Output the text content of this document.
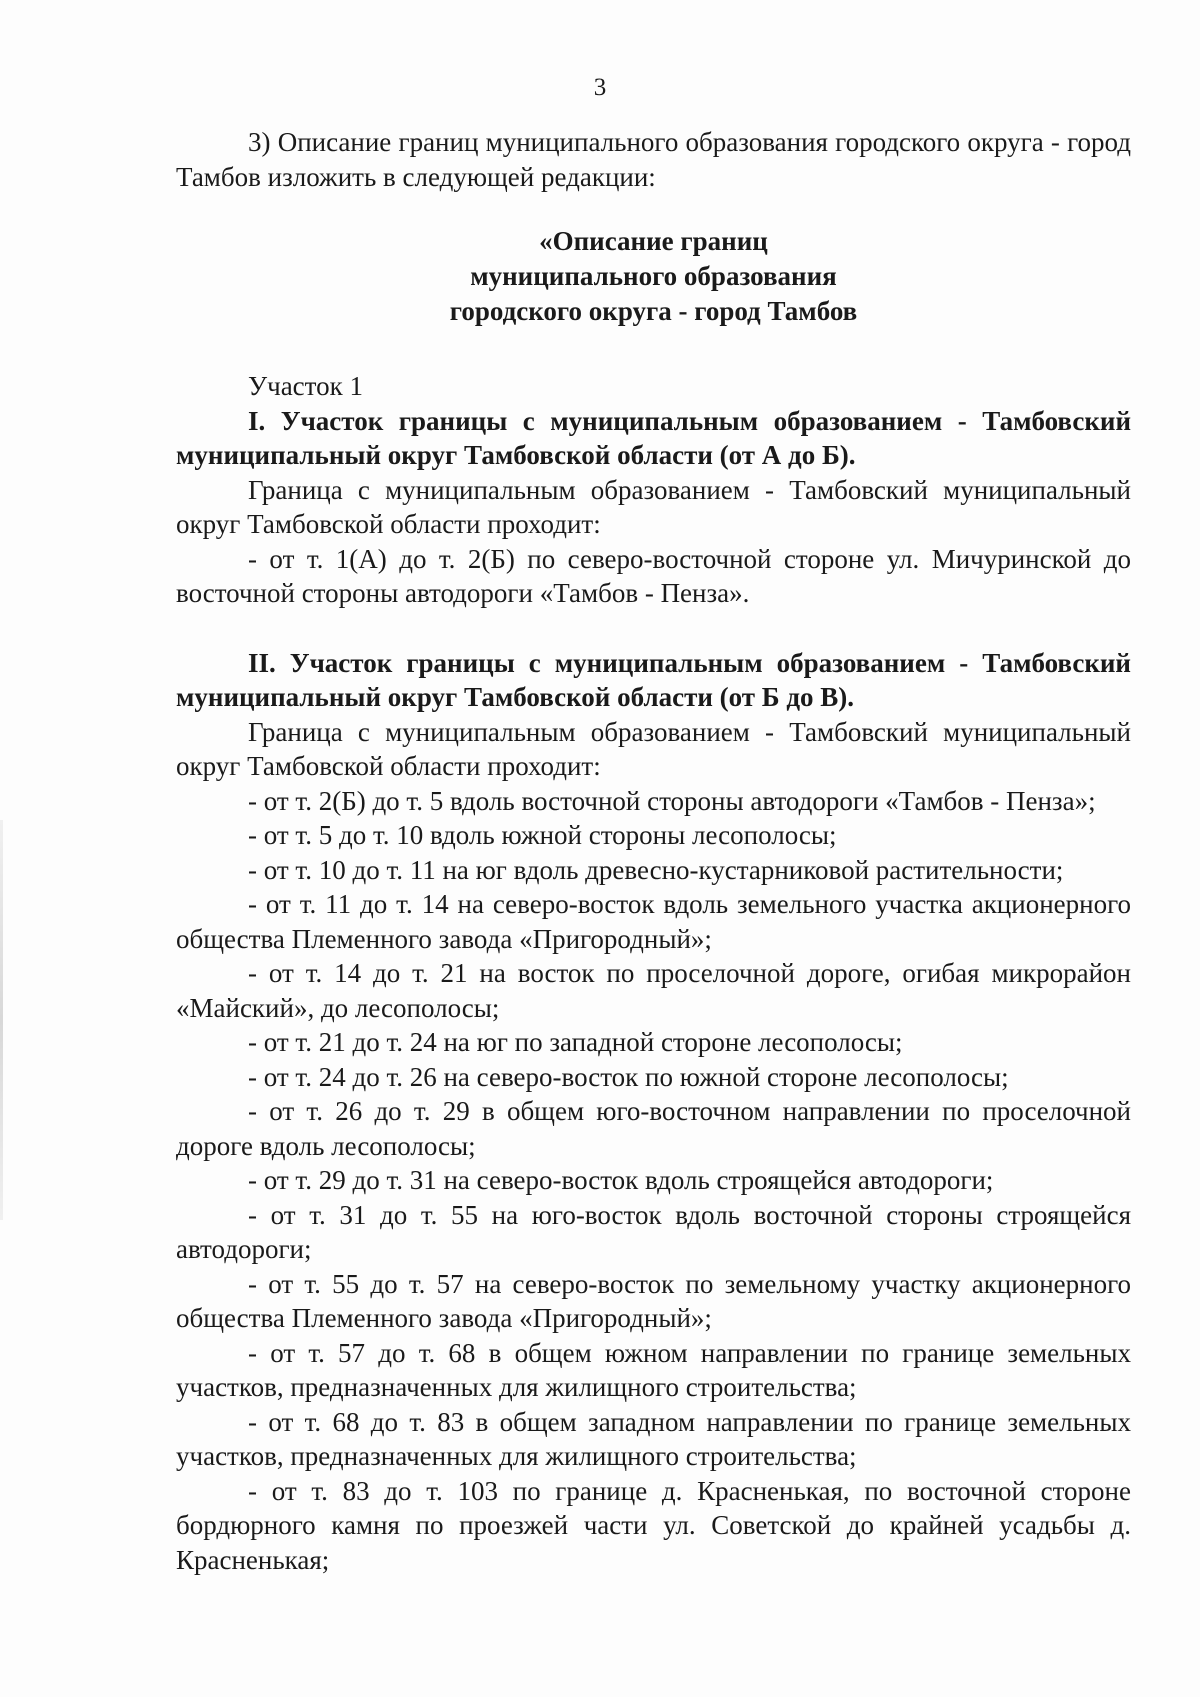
3

3) Описание границ муниципального образования городского округа - город Тамбов изложить в следующей редакции:

«Описание границ
муниципального образования
городского округа - город Тамбов

Участок 1

I. Участок границы с муниципальным образованием - Тамбовский муниципальный округ Тамбовской области (от А до Б).

Граница с муниципальным образованием - Тамбовский муниципальный округ Тамбовской области проходит:

- от т. 1(А) до т. 2(Б) по северо-восточной стороне ул. Мичуринской до восточной стороны автодороги «Тамбов - Пенза».

II. Участок границы с муниципальным образованием - Тамбовский муниципальный округ Тамбовской области (от Б до В).

Граница с муниципальным образованием - Тамбовский муниципальный округ Тамбовской области проходит:

- от т. 2(Б) до т. 5 вдоль восточной стороны автодороги «Тамбов - Пенза»;

- от т. 5 до т. 10 вдоль южной стороны лесополосы;

- от т. 10 до т. 11 на юг вдоль древесно-кустарниковой растительности;

- от т. 11 до т. 14 на северо-восток вдоль земельного участка акционерного общества Племенного завода «Пригородный»;

- от т. 14 до т. 21 на восток по проселочной дороге, огибая микрорайон «Майский», до лесополосы;

- от т. 21 до т. 24 на юг по западной стороне лесополосы;

- от т. 24 до т. 26 на северо-восток по южной стороне лесополосы;

- от т. 26 до т. 29 в общем юго-восточном направлении по проселочной дороге вдоль лесополосы;

- от т. 29 до т. 31 на северо-восток вдоль строящейся автодороги;

- от т. 31 до т. 55 на юго-восток вдоль восточной стороны строящейся автодороги;

- от т. 55 до т. 57 на северо-восток по земельному участку акционерного общества Племенного завода «Пригородный»;

- от т. 57 до т. 68 в общем южном направлении по границе земельных участков, предназначенных для жилищного строительства;

- от т. 68 до т. 83 в общем западном направлении по границе земельных участков, предназначенных для жилищного строительства;

- от т. 83 до т. 103 по границе д. Красненькая, по восточной стороне бордюрного камня по проезжей части ул. Советской до крайней усадьбы д. Красненькая;
